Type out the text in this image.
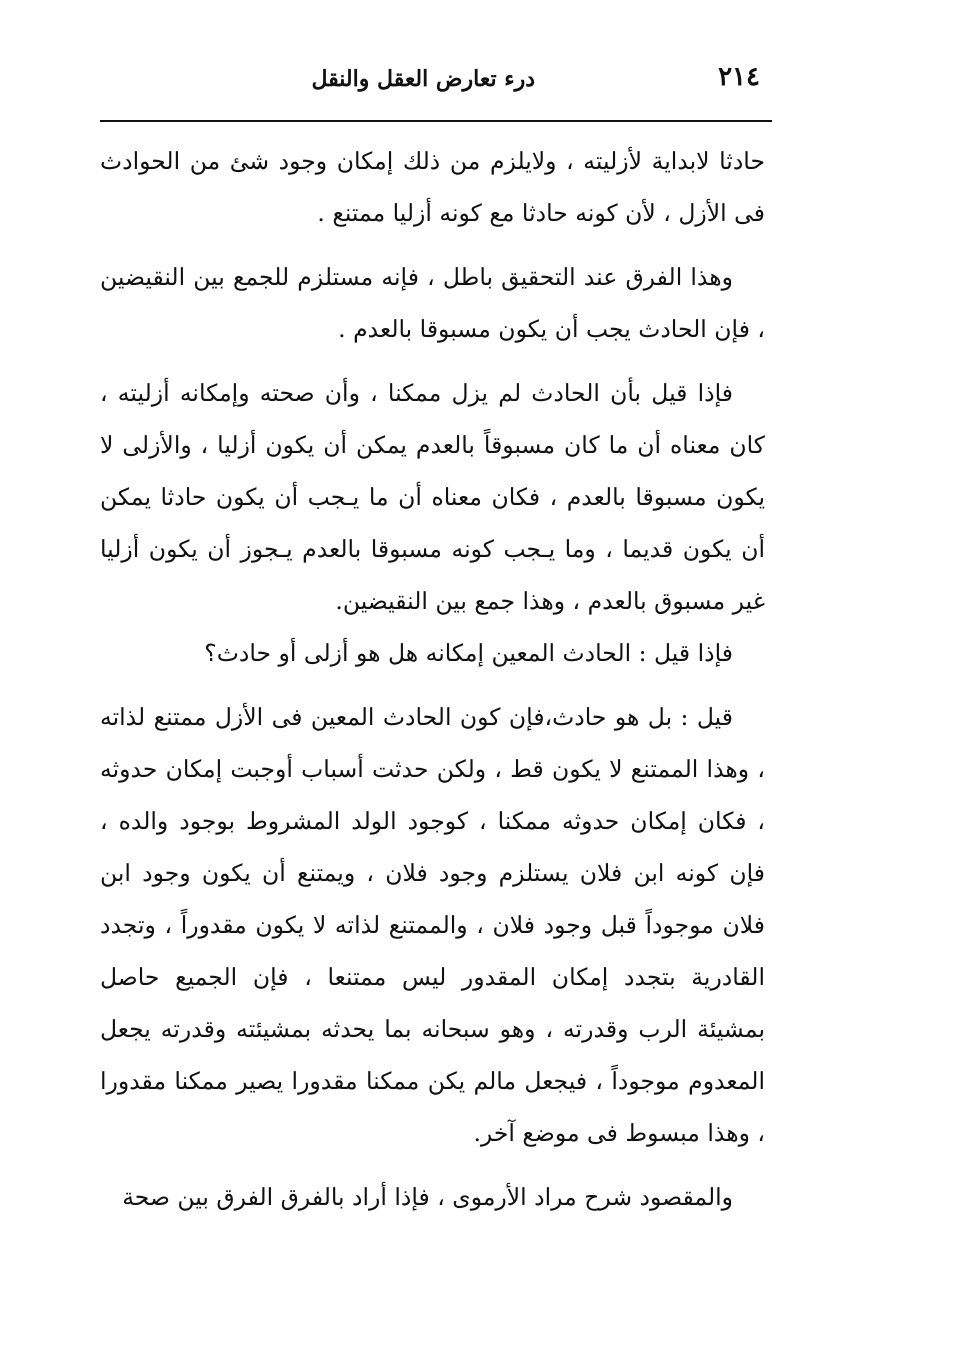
٢١٤
درء تعارض العقل والنقل

حادثا لابداية لأزليته ، ولايلزم من ذلك إمكان وجود شئ من الحوادث فى الأزل ، لأن كونه حادثا مع كونه أزليا ممتنع .

وهذا الفرق عند التحقيق باطل ، فإنه مستلزم للجمع بين النقيضين ، فإن الحادث يجب أن يكون مسبوقا بالعدم .

فإذا قيل بأن الحادث لم يزل ممكنا ، وأن صحته وإمكانه أزليته ، كان معناه أن ما كان مسبوقاً بالعدم يمكن أن يكون أزليا ، والأزلى لا يكون مسبوقا بالعدم ، فكان معناه أن ما يـجب أن يكون حادثا يمكن أن يكون قديما ، وما يـجب كونه مسبوقا بالعدم يـجوز أن يكون أزليا غير مسبوق بالعدم ، وهذا جمع بين النقيضين.

فإذا قيل : الحادث المعين إمكانه هل هو أزلى أو حادث؟

قيل : بل هو حادث،فإن كون الحادث المعين فى الأزل ممتنع لذاته ، وهذا الممتنع لا يكون قط ، ولكن حدثت أسباب أوجبت إمكان حدوثه ، فكان إمكان حدوثه ممكنا ، كوجود الولد المشروط بوجود والده ، فإن كونه ابن فلان يستلزم وجود فلان ، ويمتنع أن يكون وجود ابن فلان موجوداً قبل وجود فلان ، والممتنع لذاته لا يكون مقدوراً ، وتجدد القادرية بتجدد إمكان المقدور ليس ممتنعا ، فإن الجميع حاصل بمشيئة الرب وقدرته ، وهو سبحانه بما يحدثه بمشيئته وقدرته يجعل المعدوم موجوداً ، فيجعل مالم يكن ممكنا مقدورا يصير ممكنا مقدورا ، وهذا مبسوط فى موضع آخر.

والمقصود شرح مراد الأرموى ، فإذا أراد بالفرق الفرق بين صحة
